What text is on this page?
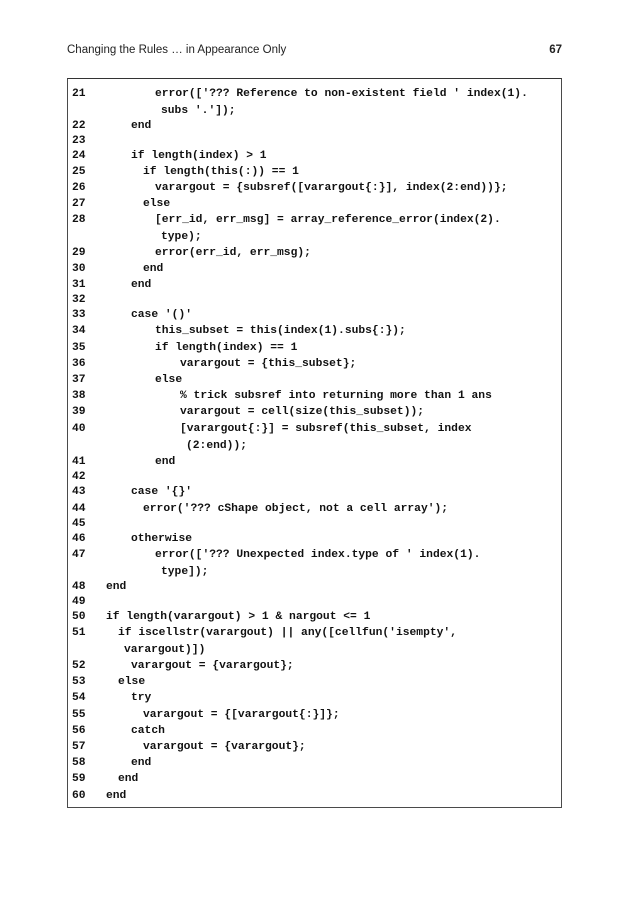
Changing the Rules … in Appearance Only	67
21	error(['??? Reference to non-existent field ' index(1).
subs '.']);
22	end
23
24	if length(index) > 1
25	if length(this(:)) == 1
26	varargout = {subsref([varargout{:}], index(2:end))};
27	else
28	[err_id, err_msg] = array_reference_error(index(2).
type);
29	error(err_id, err_msg);
30	end
31	end
32
33	case '()'
34	this_subset = this(index(1).subs{:});
35	if length(index) == 1
36	varargout = {this_subset};
37	else
38	% trick subsref into returning more than 1 ans
39	varargout = cell(size(this_subset));
40	[varargout{:}] = subsref(this_subset, index
(2:end));
41	end
42
43	case '{}'
44	error('??? cShape object, not a cell array');
45
46	otherwise
47	error(['??? Unexpected index.type of ' index(1).
type]);
48 end
49
50 if length(varargout) > 1 & nargout <= 1
51	if iscellstr(varargout) || any([cellfun('isempty',
varargout)])
52	varargout = {varargout};
53	else
54	try
55	varargout = {[varargout{:}]};
56	catch
57	varargout = {varargout};
58	end
59	end
60 end
